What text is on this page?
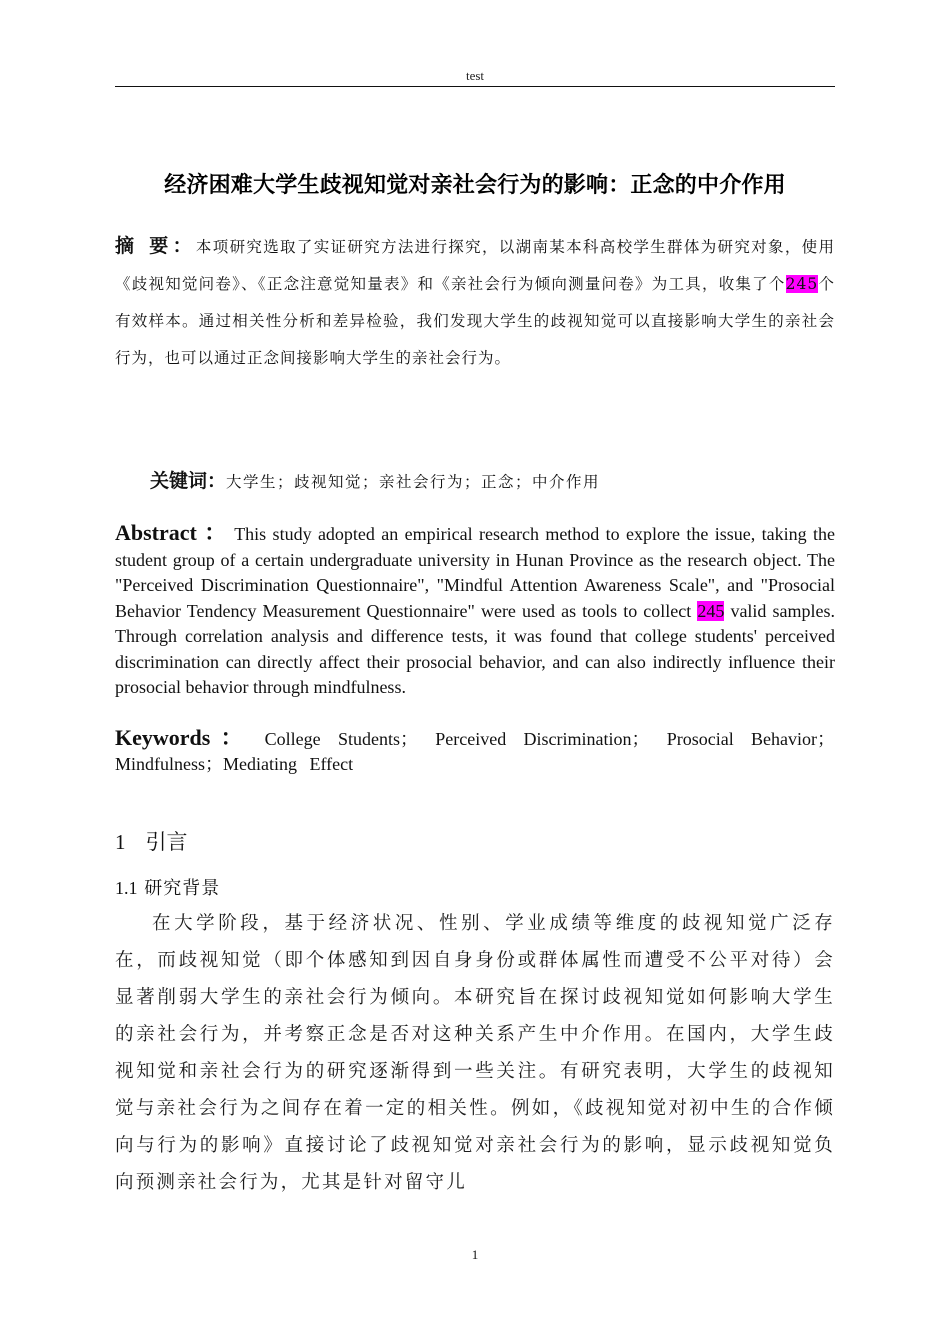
test
经济困难大学生歧视知觉对亲社会行为的影响：正念的中介作用
摘 要：本项研究选取了实证研究方法进行探究，以湖南某本科高校学生群体为研究对象，使用《歧视知觉问卷》、《正念注意觉知量表》和《亲社会行为倾向测量问卷》为工具，收集了个245个有效样本。通过相关性分析和差异检验，我们发现大学生的歧视知觉可以直接影响大学生的亲社会行为，也可以通过正念间接影响大学生的亲社会行为。
关键词：大学生；歧视知觉；亲社会行为；正念；中介作用
Abstract ： This study adopted an empirical research method to explore the issue, taking the student group of a certain undergraduate university in Hunan Province as the research object. The "Perceived Discrimination Questionnaire", "Mindful Attention Awareness Scale", and "Prosocial Behavior Tendency Measurement Questionnaire" were used as tools to collect 245 valid samples. Through correlation analysis and difference tests, it was found that college students' perceived discrimination can directly affect their prosocial behavior, and can also indirectly influence their prosocial behavior through mindfulness.
Keywords ： College Students； Perceived Discrimination； Prosocial Behavior； Mindfulness；Mediating Effect
1 引言
1.1 研究背景
在大学阶段，基于经济状况、性别、学业成绩等维度的歧视知觉广泛存在，而歧视知觉（即个体感知到因自身身份或群体属性而遭受不公平对待）会显著削弱大学生的亲社会行为倾向。本研究旨在探讨歧视知觉如何影响大学生的亲社会行为，并考察正念是否对这种关系产生中介作用。在国内，大学生歧视知觉和亲社会行为的研究逐渐得到一些关注。有研究表明，大学生的歧视知觉与亲社会行为之间存在着一定的相关性。例如，《歧视知觉对初中生的合作倾向与行为的影响》直接讨论了歧视知觉对亲社会行为的影响，显示歧视知觉负向预测亲社会行为，尤其是针对留守儿
1
